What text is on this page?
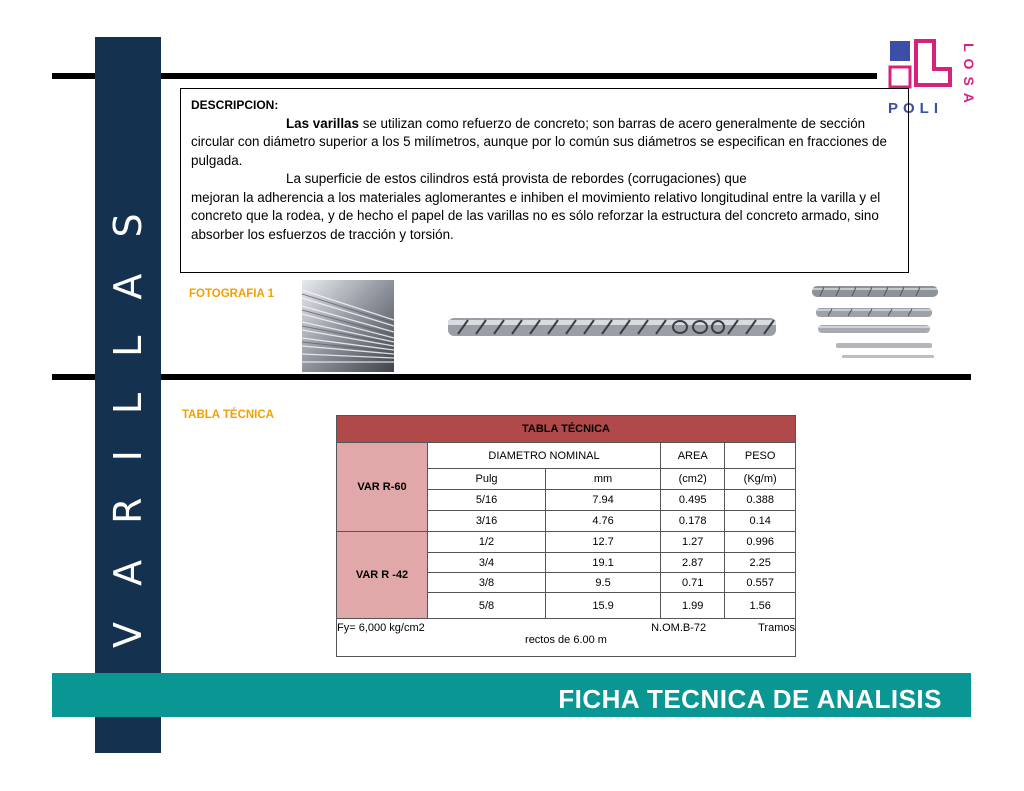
V A R I L L A S
POLI LOSA
DESCRIPCION:
Las varillas se utilizan como refuerzo de concreto; son barras de acero generalmente de sección circular con diámetro superior a los 5 milímetros, aunque por lo común sus diámetros se especifican en fracciones de pulgada.
La superficie de estos cilindros está provista de rebordes (corrugaciones) que
mejoran la adherencia a los materiales aglomerantes e inhiben el movimiento relativo longitudinal entre la varilla y el concreto que la rodea, y de hecho el papel de las varillas no es sólo reforzar la estructura del concreto armado, sino absorber los esfuerzos de tracción y torsión.
FOTOGRAFIA 1
TABLA TÉCNICA
TABLA TÉCNICA				
VAR R-60	DIAMETRO NOMINAL		AREA	PESO
	Pulg	mm	(cm2)	(Kg/m)
	5/16	7.94	0.495	0.388
	3/16	4.76	0.178	0.14
VAR R -42	1/2	12.7	1.27	0.996
	3/4	19.1	2.87	2.25
	3/8	9.5	0.71	0.557
	5/8	15.9	1.99	1.56

Fy= 6,000 kg/cm2 N.OM.B-72 Tramos
rectos de 6.00 m				
FICHA TECNICA DE ANALISIS
